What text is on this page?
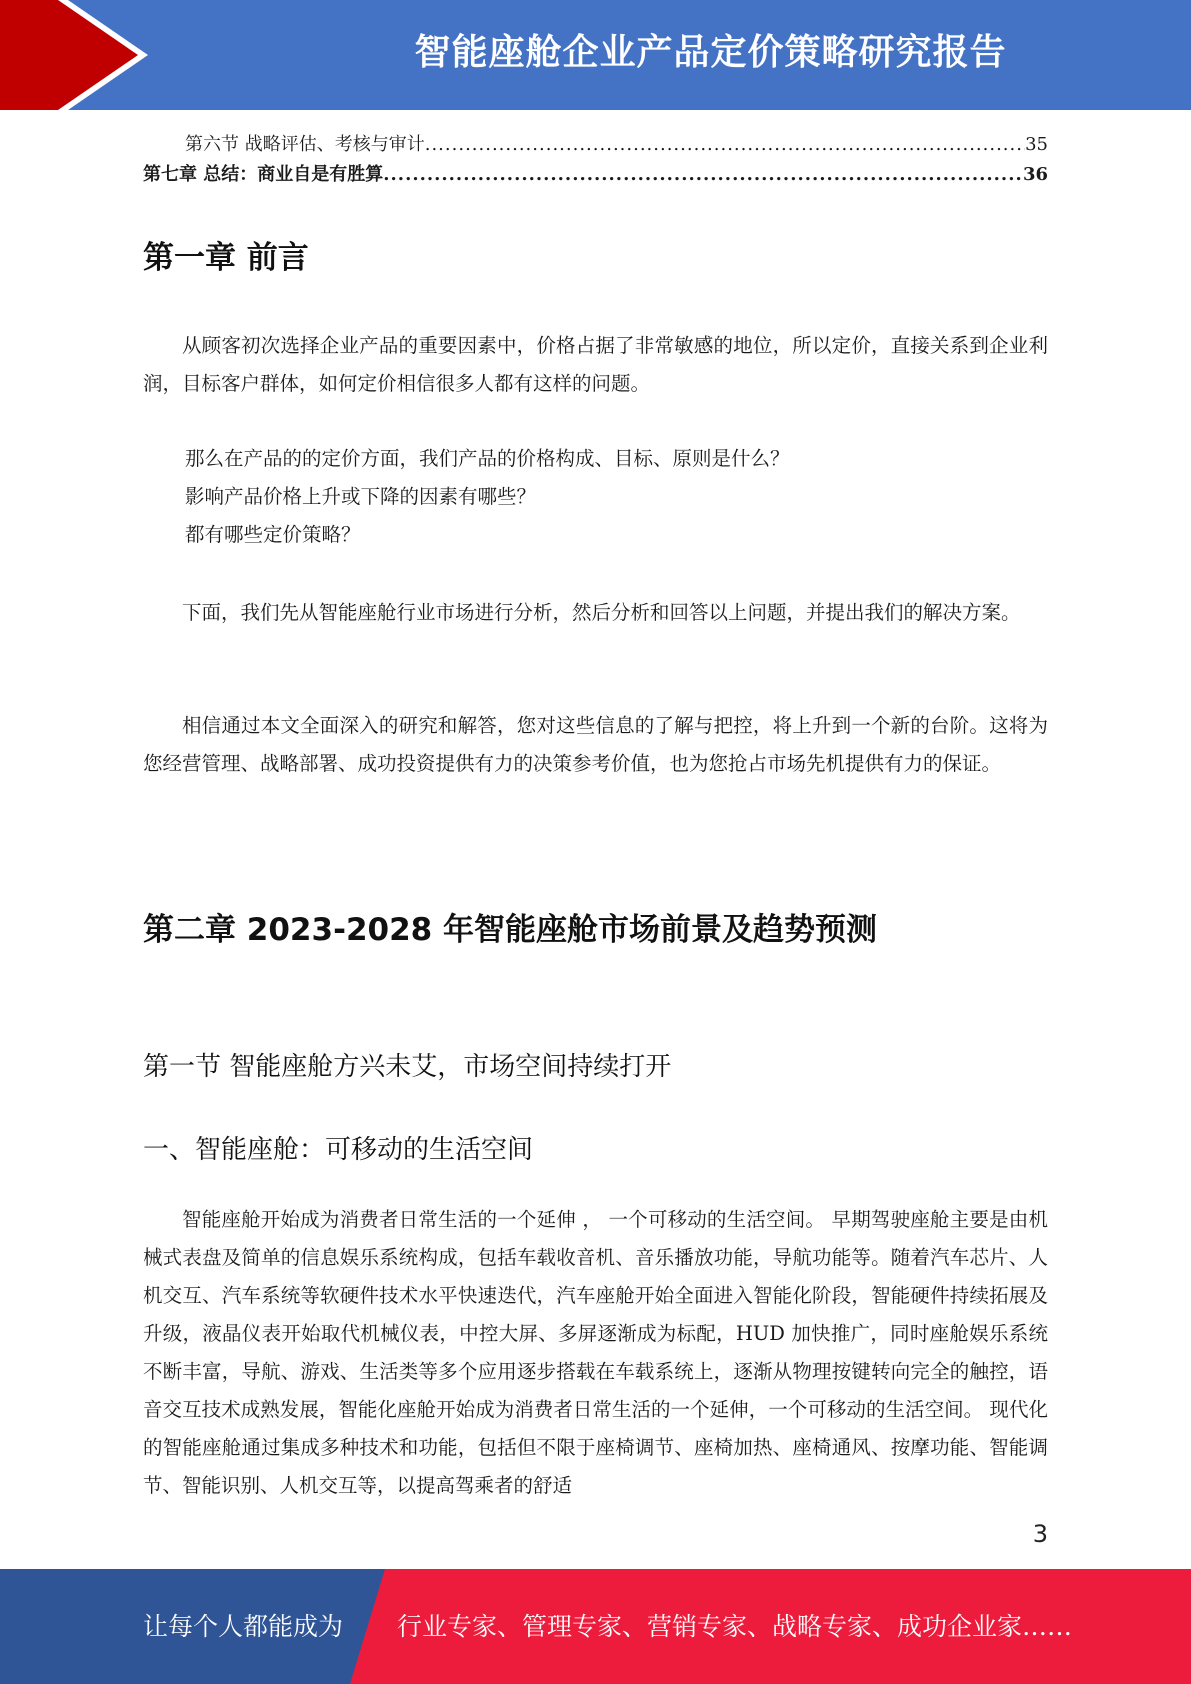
智能座舱企业产品定价策略研究报告
第六节 战略评估、考核与审计 .....	35
第七章 总结：商业自是有胜算 .....	36
第一章 前言
从顾客初次选择企业产品的重要因素中，价格占据了非常敏感的地位，所以定价，直接关系到企业利润，目标客户群体，如何定价相信很多人都有这样的问题。
那么在产品的的定价方面，我们产品的价格构成、目标、原则是什么？
影响产品价格上升或下降的因素有哪些？
都有哪些定价策略？
下面，我们先从智能座舱行业市场进行分析，然后分析和回答以上问题，并提出我们的解决方案。
相信通过本文全面深入的研究和解答，您对这些信息的了解与把控，将上升到一个新的台阶。这将为您经营管理、战略部署、成功投资提供有力的决策参考价值，也为您抢占市场先机提供有力的保证。
第二章 2023-2028 年智能座舱市场前景及趋势预测
第一节 智能座舱方兴未艾，市场空间持续打开
一、智能座舱：可移动的生活空间
智能座舱开始成为消费者日常生活的一个延伸 ， 一个可移动的生活空间。 早期驾驶座舱主要是由机械式表盘及简单的信息娱乐系统构成，包括车载收音机、音乐播放功能，导航功能等。随着汽车芯片、人机交互、汽车系统等软硬件技术水平快速迭代，汽车座舱开始全面进入智能化阶段，智能硬件持续拓展及升级，液晶仪表开始取代机械仪表，中控大屏、多屏逐渐成为标配，HUD 加快推广，同时座舱娱乐系统不断丰富，导航、游戏、生活类等多个应用逐步搭载在车载系统上，逐渐从物理按键转向完全的触控，语音交互技术成熟发展，智能化座舱开始成为消费者日常生活的一个延伸，一个可移动的生活空间。 现代化的智能座舱通过集成多种技术和功能，包括但不限于座椅调节、座椅加热、座椅通风、按摩功能、智能调节、智能识别、人机交互等，以提高驾乘者的舒适
3
让每个人都能成为 行业专家、管理专家、营销专家、战略专家、成功企业家……
